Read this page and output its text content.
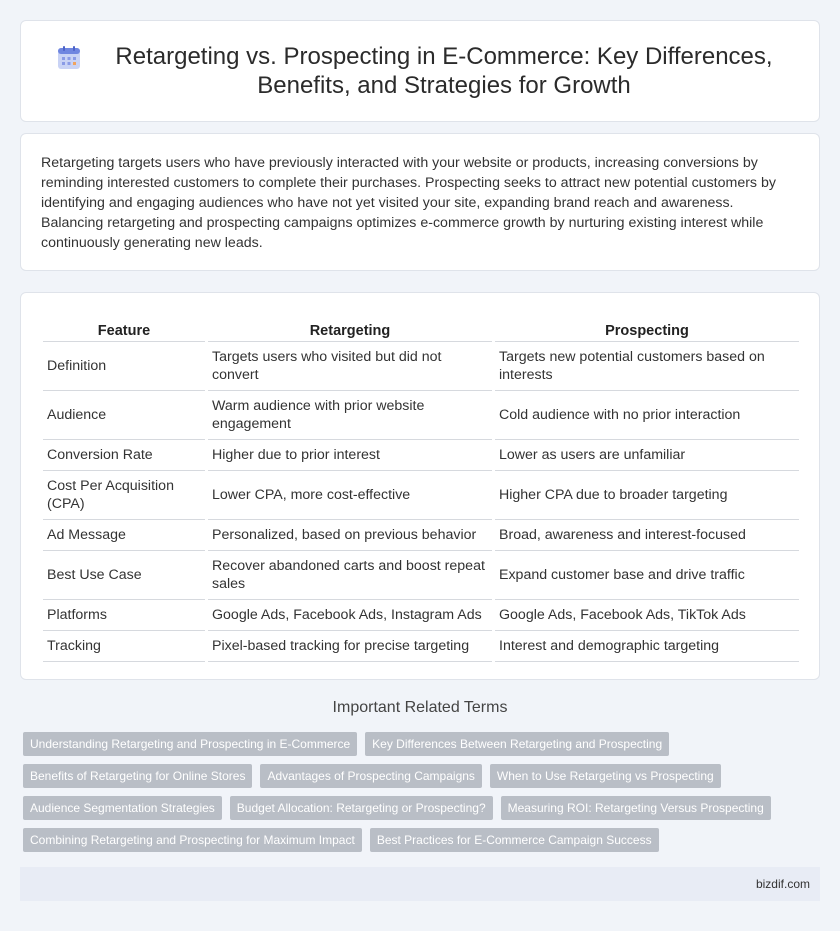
Retargeting vs. Prospecting in E-Commerce: Key Differences, Benefits, and Strategies for Growth

Retargeting targets users who have previously interacted with your website or products, increasing conversions by reminding interested customers to complete their purchases. Prospecting seeks to attract new potential customers by identifying and engaging audiences who have not yet visited your site, expanding brand reach and awareness. Balancing retargeting and prospecting campaigns optimizes e-commerce growth by nurturing existing interest while continuously generating new leads.

Feature	Retargeting	Prospecting
Definition	Targets users who visited but did not convert	Targets new potential customers based on interests
Audience	Warm audience with prior website engagement	Cold audience with no prior interaction
Conversion Rate	Higher due to prior interest	Lower as users are unfamiliar
Cost Per Acquisition (CPA)	Lower CPA, more cost-effective	Higher CPA due to broader targeting
Ad Message	Personalized, based on previous behavior	Broad, awareness and interest-focused
Best Use Case	Recover abandoned carts and boost repeat sales	Expand customer base and drive traffic
Platforms	Google Ads, Facebook Ads, Instagram Ads	Google Ads, Facebook Ads, TikTok Ads
Tracking	Pixel-based tracking for precise targeting	Interest and demographic targeting
Important Related Terms
Understanding Retargeting and Prospecting in E-Commerce	Key Differences Between Retargeting and Prospecting
Benefits of Retargeting for Online Stores	Advantages of Prospecting Campaigns	When to Use Retargeting vs Prospecting
Audience Segmentation Strategies	Budget Allocation: Retargeting or Prospecting?	Measuring ROI: Retargeting Versus Prospecting
Combining Retargeting and Prospecting for Maximum Impact	Best Practices for E-Commerce Campaign Success
bizdif.com
